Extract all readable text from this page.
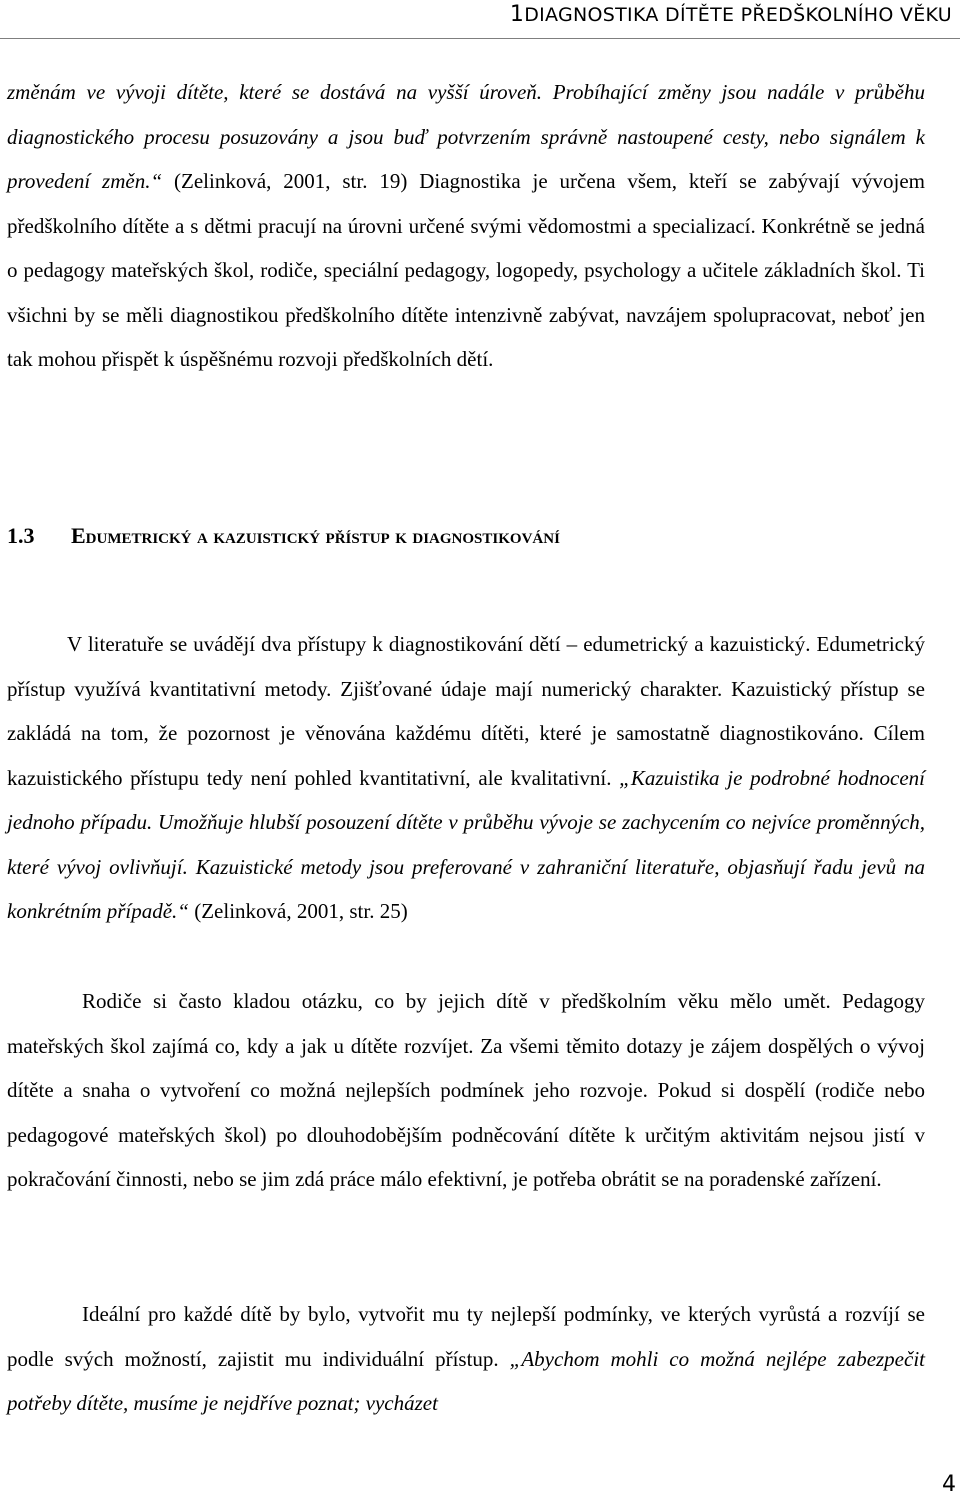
1DIAGNOSTIKA DÍTĚTE PŘEDŠKOLNÍHO VĚKU

změnám ve vývoji dítěte, které se dostává na vyšší úroveň. Probíhající změny jsou nadále v průběhu diagnostického procesu posuzovány a jsou buď potvrzením správně nastoupené cesty, nebo signálem k provedení změn.“ (Zelinková, 2001, str. 19) Diagnostika je určena všem, kteří se zabývají vývojem předškolního dítěte a s dětmi pracují na úrovni určené svými vědomostmi a specializací. Konkrétně se jedná o pedagogy mateřských škol, rodiče, speciální pedagogy, logopedy, psychology a učitele základních škol. Ti všichni by se měli diagnostikou předškolního dítěte intenzivně zabývat, navzájem spolupracovat, neboť jen tak mohou přispět k úspěšnému rozvoji předškolních dětí.

1.3 Edumetrický a kazuistický přístup k diagnostikování

V literatuře se uvádějí dva přístupy k diagnostikování dětí – edumetrický a kazuistický. Edumetrický přístup využívá kvantitativní metody. Zjišťované údaje mají numerický charakter. Kazuistický přístup se zakládá na tom, že pozornost je věnována každému dítěti, které je samostatně diagnostikováno. Cílem kazuistického přístupu tedy není pohled kvantitativní, ale kvalitativní. „Kazuistika je podrobné hodnocení jednoho případu. Umožňuje hlubší posouzení dítěte v průběhu vývoje se zachycením co nejvíce proměnných, které vývoj ovlivňují. Kazuistické metody jsou preferované v zahraniční literatuře, objasňují řadu jevů na konkrétním případě.“ (Zelinková, 2001, str. 25)

Rodiče si často kladou otázku, co by jejich dítě v předškolním věku mělo umět. Pedagogy mateřských škol zajímá co, kdy a jak u dítěte rozvíjet. Za všemi těmito dotazy je zájem dospělých o vývoj dítěte a snaha o vytvoření co možná nejlepších podmínek jeho rozvoje. Pokud si dospělí (rodiče nebo pedagogové mateřských škol) po dlouhodobějším podněcování dítěte k určitým aktivitám nejsou jistí v pokračování činnosti, nebo se jim zdá práce málo efektivní, je potřeba obrátit se na poradenské zařízení.

Ideální pro každé dítě by bylo, vytvořit mu ty nejlepší podmínky, ve kterých vyrůstá a rozvíjí se podle svých možností, zajistit mu individuální přístup. „Abychom mohli co možná nejlépe zabezpečit potřeby dítěte, musíme je nejdříve poznat; vycházet

4
